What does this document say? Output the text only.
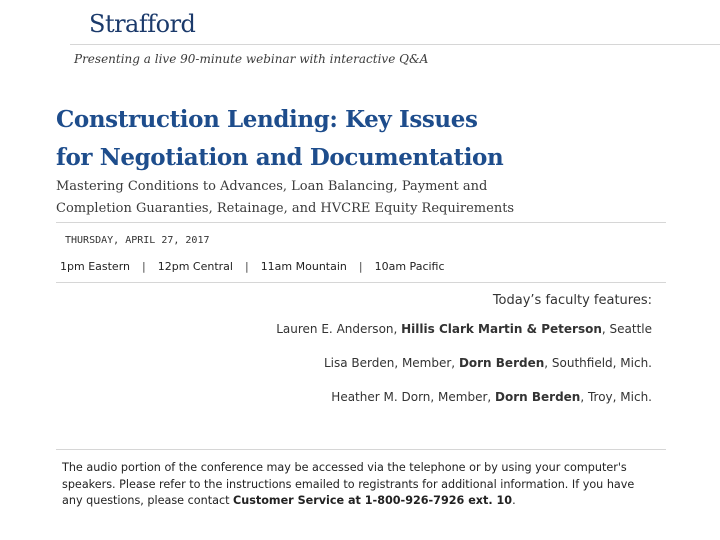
Strafford
Presenting a live 90-minute webinar with interactive Q&A
Construction Lending: Key Issues
for Negotiation and Documentation
Mastering Conditions to Advances, Loan Balancing, Payment and
Completion Guaranties, Retainage, and HVCRE Equity Requirements
THURSDAY, APRIL 27, 2017
1pm Eastern | 12pm Central | 11am Mountain | 10am Pacific
Today’s faculty features:
Lauren E. Anderson, Hillis Clark Martin & Peterson, Seattle
Lisa Berden, Member, Dorn Berden, Southfield, Mich.
Heather M. Dorn, Member, Dorn Berden, Troy, Mich.
The audio portion of the conference may be accessed via the telephone or by using your computer's speakers. Please refer to the instructions emailed to registrants for additional information. If you have any questions, please contact Customer Service at 1-800-926-7926 ext. 10.
